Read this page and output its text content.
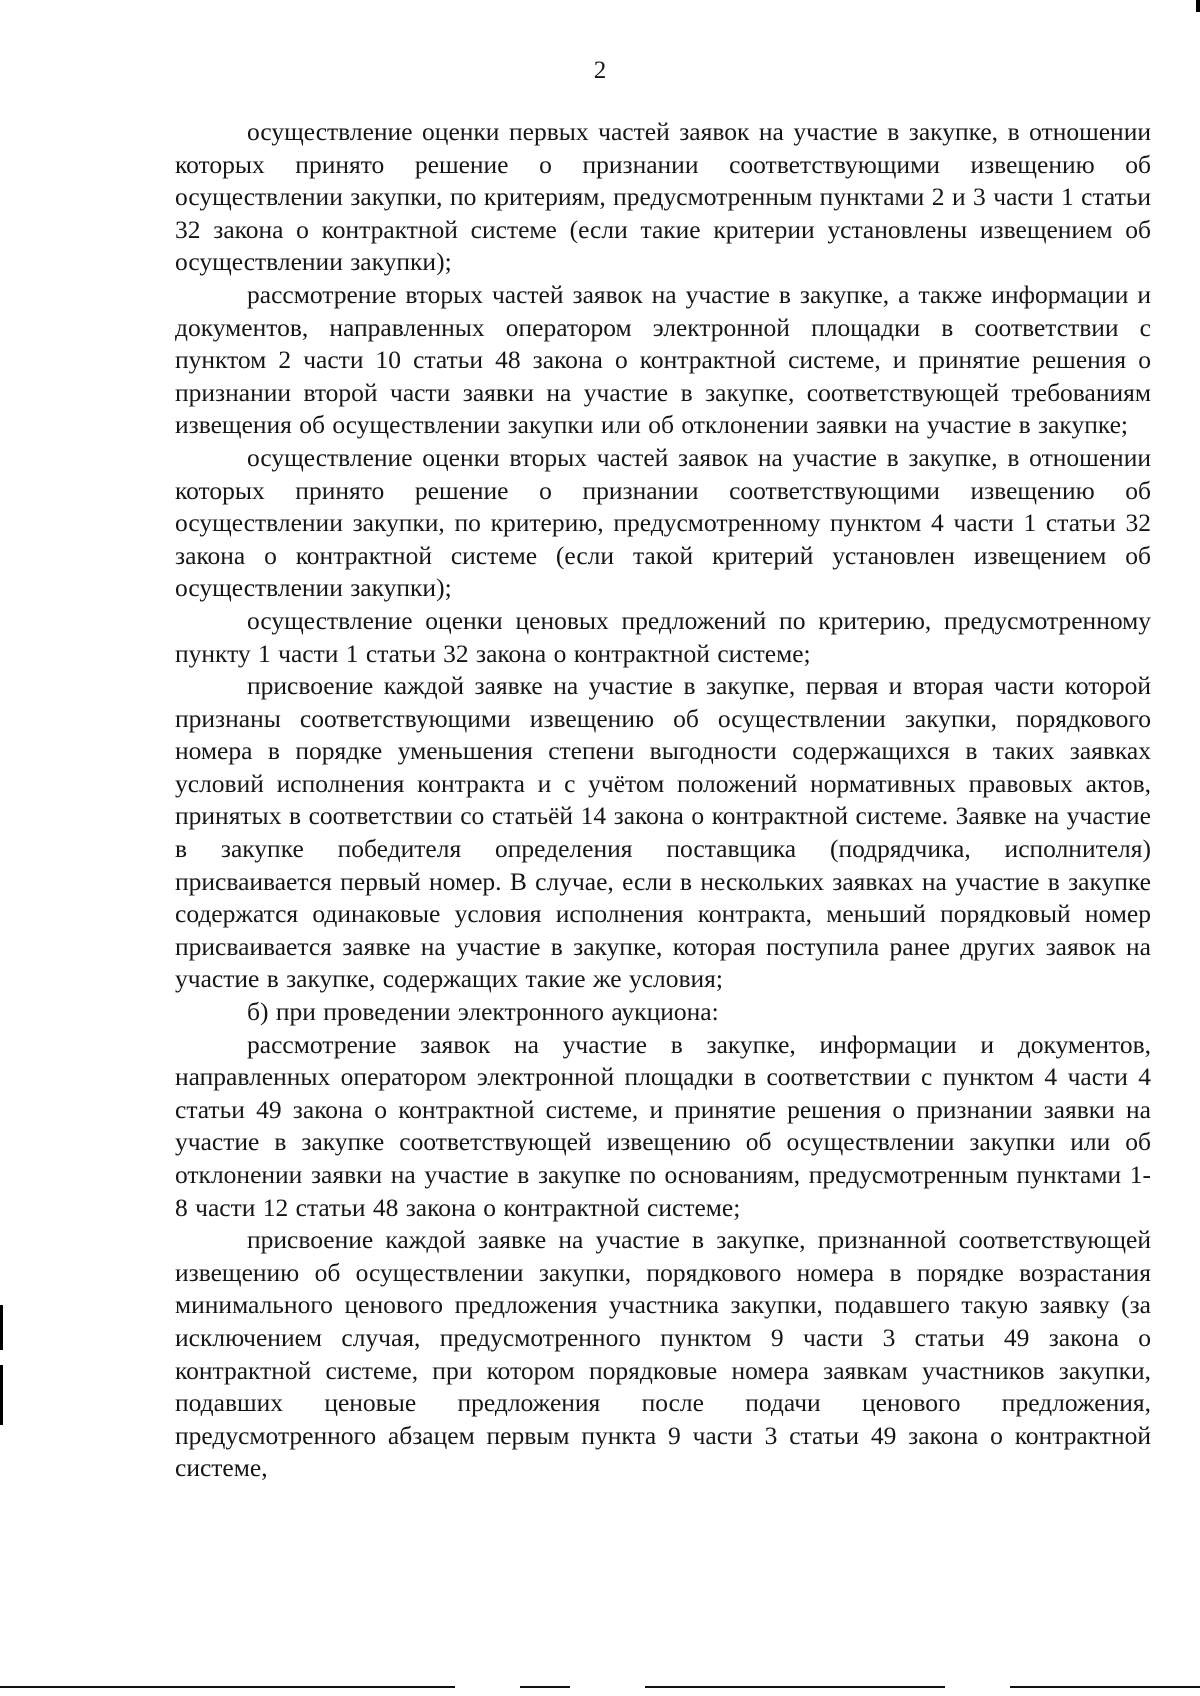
2

осуществление оценки первых частей заявок на участие в закупке, в отношении которых принято решение о признании соответствующими извещению об осуществлении закупки, по критериям, предусмотренным пунктами 2 и 3 части 1 статьи 32 закона о контрактной системе (если такие критерии установлены извещением об осуществлении закупки);

рассмотрение вторых частей заявок на участие в закупке, а также информации и документов, направленных оператором электронной площадки в соответствии с пунктом 2 части 10 статьи 48 закона о контрактной системе, и принятие решения о признании второй части заявки на участие в закупке, соответствующей требованиям извещения об осуществлении закупки или об отклонении заявки на участие в закупке;

осуществление оценки вторых частей заявок на участие в закупке, в отношении которых принято решение о признании соответствующими извещению об осуществлении закупки, по критерию, предусмотренному пунктом 4 части 1 статьи 32 закона о контрактной системе (если такой критерий установлен извещением об осуществлении закупки);

осуществление оценки ценовых предложений по критерию, предусмотренному пункту 1 части 1 статьи 32 закона о контрактной системе;

присвоение каждой заявке на участие в закупке, первая и вторая части которой признаны соответствующими извещению об осуществлении закупки, порядкового номера в порядке уменьшения степени выгодности содержащихся в таких заявках условий исполнения контракта и с учётом положений нормативных правовых актов, принятых в соответствии со статьёй 14 закона о контрактной системе. Заявке на участие в закупке победителя определения поставщика (подрядчика, исполнителя) присваивается первый номер. В случае, если в нескольких заявках на участие в закупке содержатся одинаковые условия исполнения контракта, меньший порядковый номер присваивается заявке на участие в закупке, которая поступила ранее других заявок на участие в закупке, содержащих такие же условия;

б) при проведении электронного аукциона:

рассмотрение заявок на участие в закупке, информации и документов, направленных оператором электронной площадки в соответствии с пунктом 4 части 4 статьи 49 закона о контрактной системе, и принятие решения о признании заявки на участие в закупке соответствующей извещению об осуществлении закупки или об отклонении заявки на участие в закупке по основаниям, предусмотренным пунктами 1-8 части 12 статьи 48 закона о контрактной системе;

присвоение каждой заявке на участие в закупке, признанной соответствующей извещению об осуществлении закупки, порядкового номера в порядке возрастания минимального ценового предложения участника закупки, подавшего такую заявку (за исключением случая, предусмотренного пунктом 9 части 3 статьи 49 закона о контрактной системе, при котором порядковые номера заявкам участников закупки, подавших ценовые предложения после подачи ценового предложения, предусмотренного абзацем первым пункта 9 части 3 статьи 49 закона о контрактной системе,
